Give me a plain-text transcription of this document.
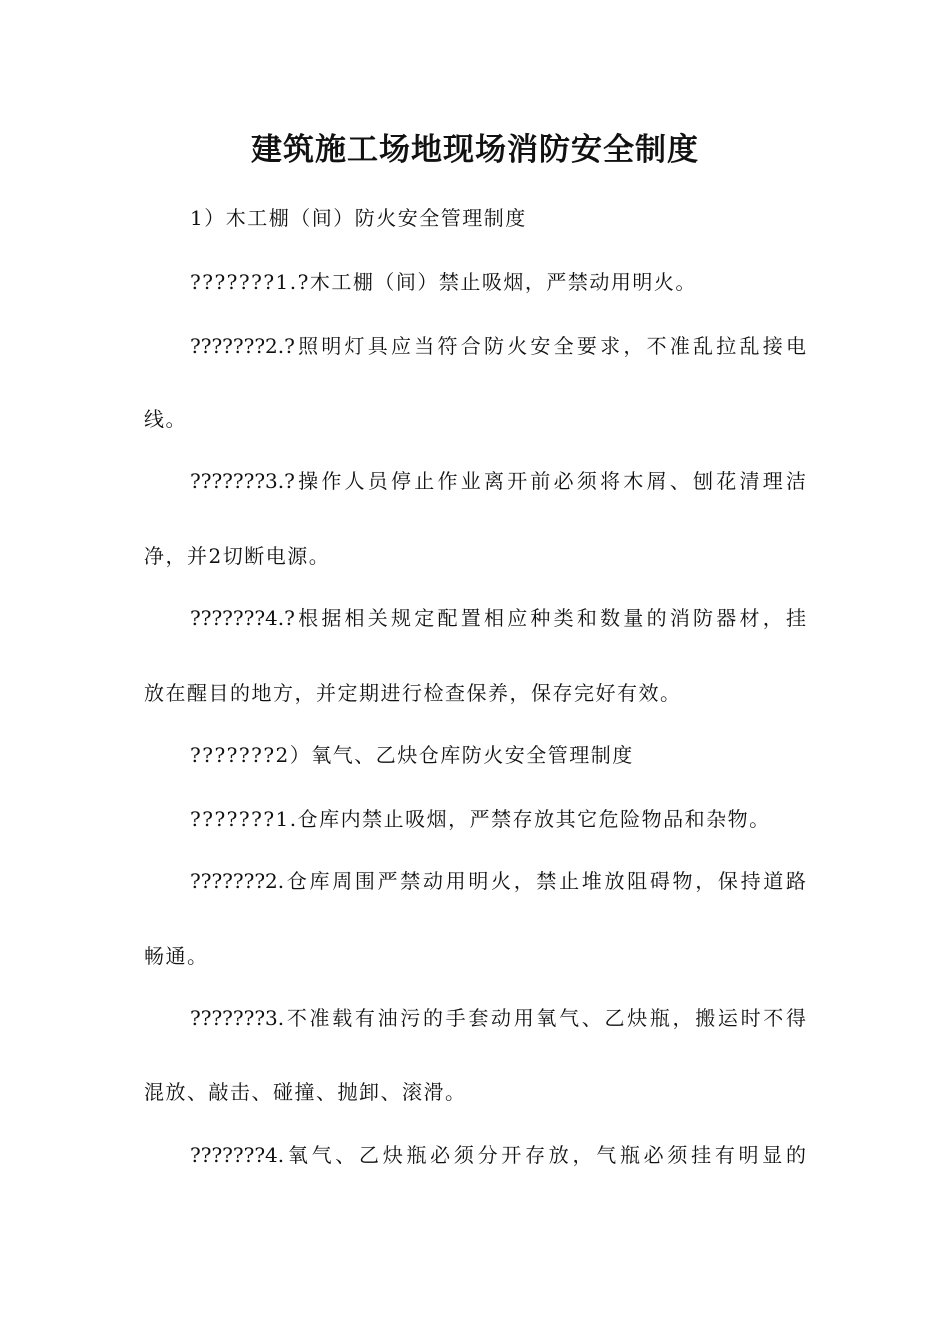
建筑施工场地现场消防安全制度
1）木工棚（间）防火安全管理制度
???????1.?木工棚（间）禁止吸烟，严禁动用明火。
???????2.?照明灯具应当符合防火安全要求，不准乱拉乱接电
线。
???????3.?操作人员停止作业离开前必须将木屑、刨花清理洁
净，并2切断电源。
???????4.?根据相关规定配置相应种类和数量的消防器材，挂
放在醒目的地方，并定期进行检查保养，保存完好有效。
???????2）氧气、乙炔仓库防火安全管理制度
???????1.仓库内禁止吸烟，严禁存放其它危险物品和杂物。
???????2.仓库周围严禁动用明火，禁止堆放阻碍物，保持道路
畅通。
???????3.不准载有油污的手套动用氧气、乙炔瓶，搬运时不得
混放、敲击、碰撞、抛卸、滚滑。
???????4.氧气、乙炔瓶必须分开存放，气瓶必须挂有明显的
